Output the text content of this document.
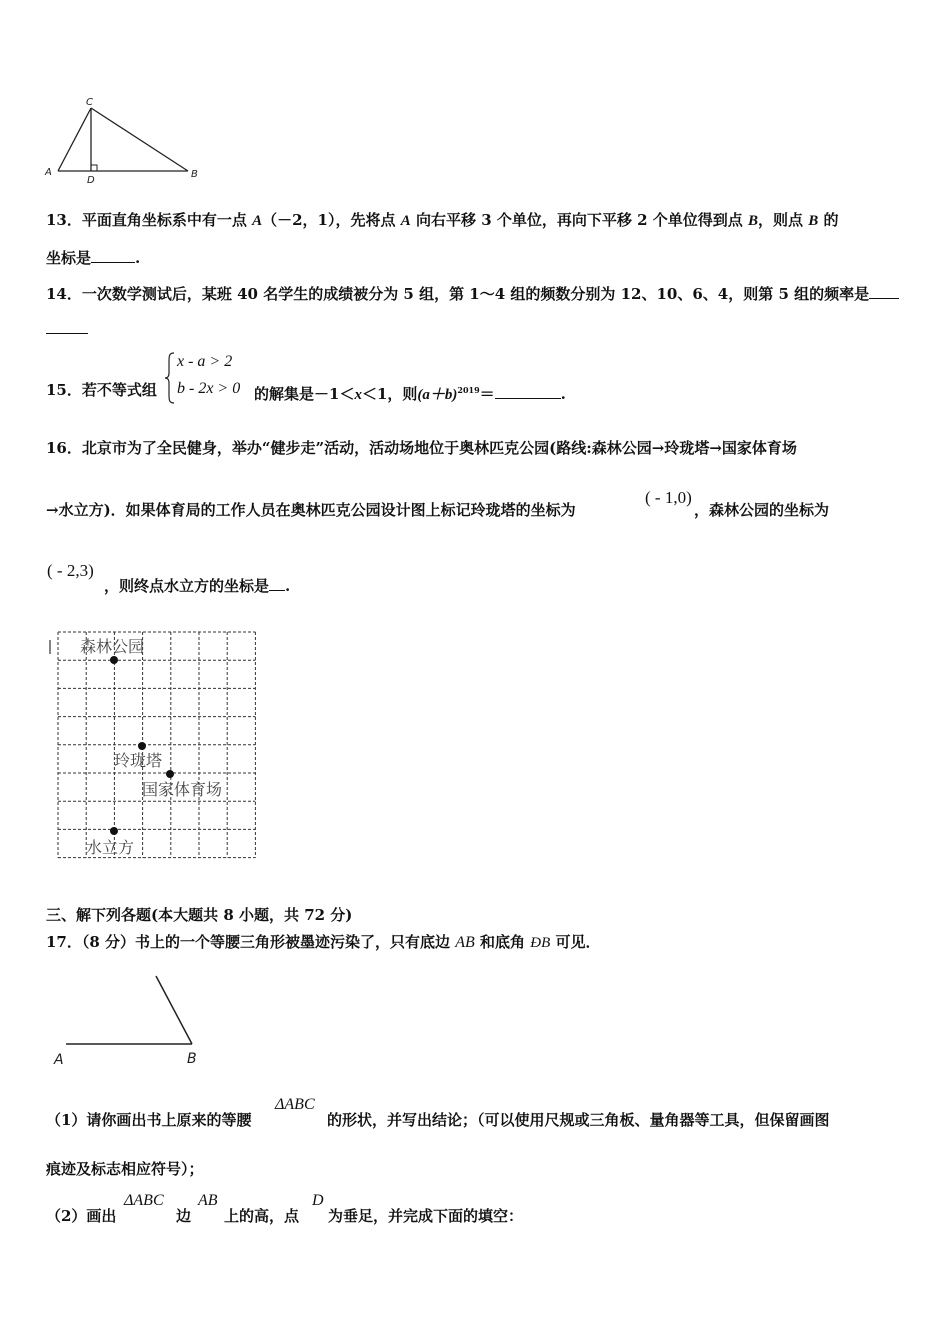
C
A
D
B
13．平面直角坐标系中有一点 A（－2，1），先将点 A 向右平移 3 个单位，再向下平移 2 个单位得到点 B，则点 B 的
坐标是	.
14．一次数学测试后，某班 40 名学生的成绩被分为 5 组，第 1～4 组的频数分别为 12、10、6、4，则第 5 组的频率是
15．若不等式组
x - a > 2
b - 2x > 0 的解集是－1＜x＜1，则$(a+b)^{2019}=$	.
16．北京市为了全民健身，举办“健步走”活动，活动场地位于奥林匹克公园(路线:森林公园→玲珑塔→国家体育场
→水立方)．如果体育局的工作人员在奥林匹克公园设计图上标记玲珑塔的坐标为
( - 1,0)
，森林公园的坐标为
( - 2,3)
，则终点水立方的坐标是 .
森林公园
玲珑塔
国家体育场
水立方
三、解下列各题(本大题共 8 小题，共 72 分)
17．（8 分）书上的一个等腰三角形被墨迹污染了，只有底边 AB 和底角 ÐB 可见．
A	B
（1）请你画出书上原来的等腰
ΔABC
的形状，并写出结论；（可以使用尺规或三角板、量角器等工具，但保留画图
痕迹及标志相应符号）；
（2）画出
ΔABC
边
AB
上的高，点
D
为垂足，并完成下面的填空：
